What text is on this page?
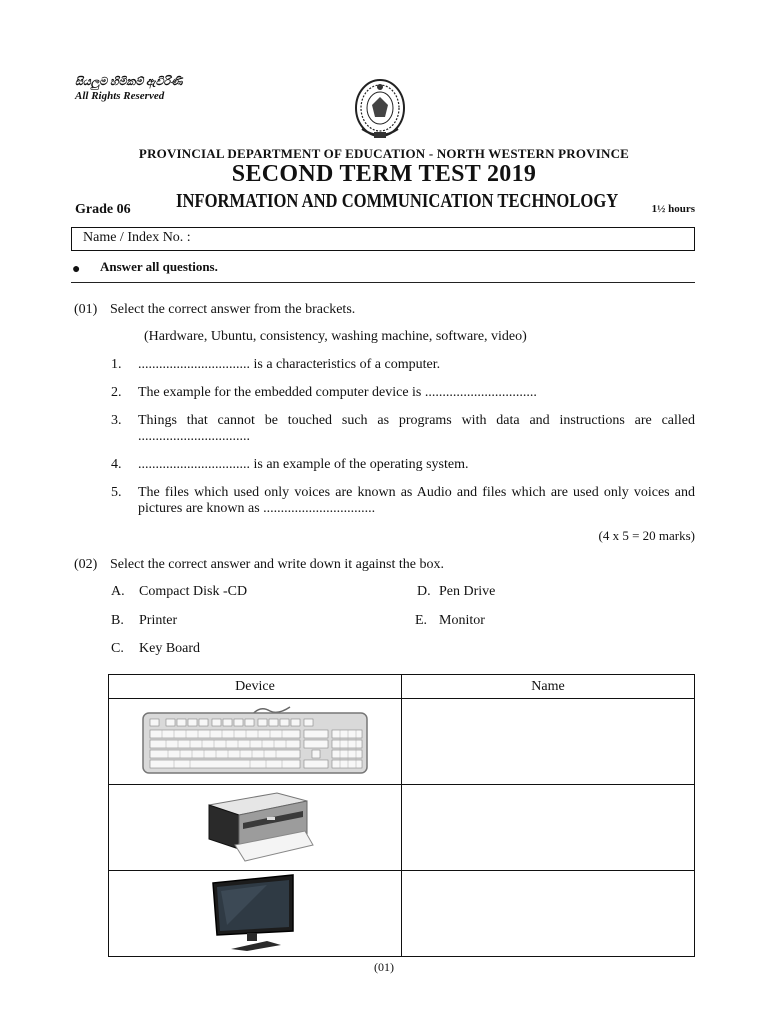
සියලුම හිමිකම් ඇවිරිණි
All Rights Reserved
PROVINCIAL DEPARTMENT OF EDUCATION - NORTH WESTERN PROVINCE
SECOND TERM TEST 2019
Grade 06 INFORMATION AND COMMUNICATION TECHNOLOGY	1½ hours
Name / Index No. :
● Answer all questions.
(01) Select the correct answer from the brackets.
(Hardware, Ubuntu, consistency, washing machine, software, video)
1. ................................ is a characteristics of a computer.
2. The example for the embedded computer device is ................................
3. Things that cannot be touched such as programs with data and instructions are called ................................
4. ................................ is an example of the operating system.
5. The files which used only voices are known as Audio and files which are used only voices and pictures are known as ................................
(4 x 5 = 20 marks)
(02) Select the correct answer and write down it against the box.
A. Compact Disk -CD
B. Printer
C. Key Board
D. Pen Drive
E. Monitor
Device	Name

(01)
